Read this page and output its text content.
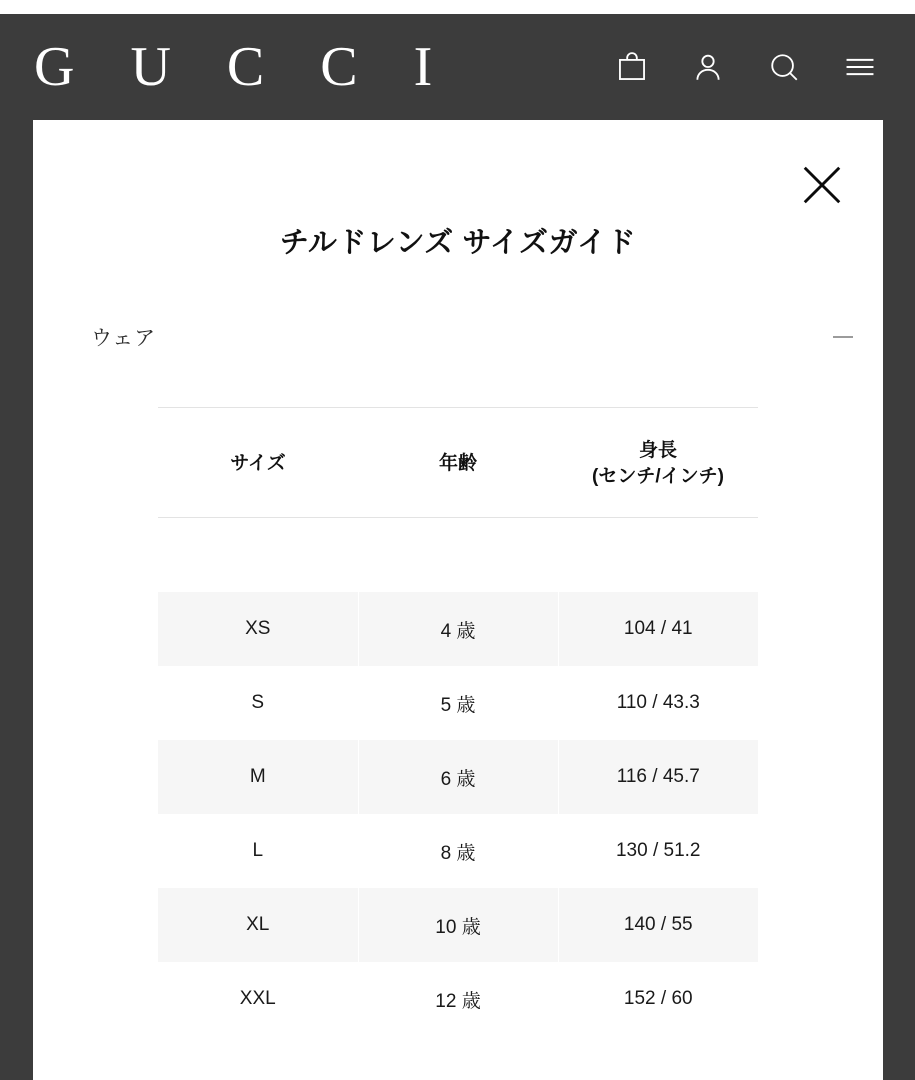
G U C C I
チルドレンズ サイズガイド
ウェア
サイズ	年齢	身長
(センチ/インチ)

XS	4 歳	104 / 41
S	5 歳	110 / 43.3
M	6 歳	116 / 45.7
L	8 歳	130 / 51.2
XL	10 歳	140 / 55
XXL	12 歳	152 / 60
